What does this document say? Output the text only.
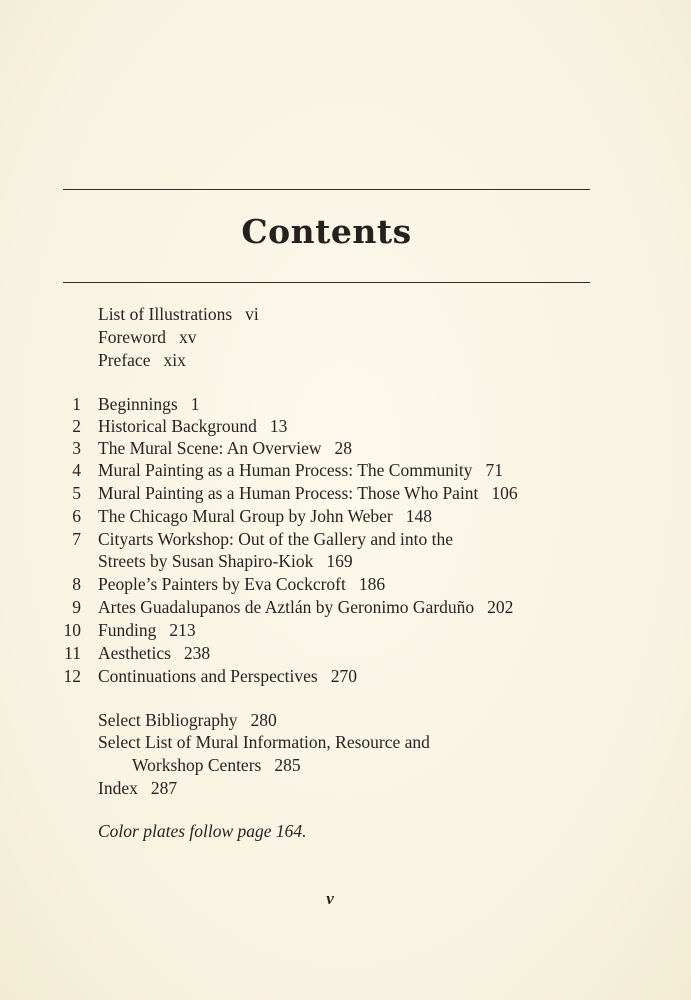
Contents
List of Illustrations vi
Foreword xv
Preface xix
1 Beginnings 1
2 Historical Background 13
3 The Mural Scene: An Overview 28
4 Mural Painting as a Human Process: The Community 71
5 Mural Painting as a Human Process: Those Who Paint 106
6 The Chicago Mural Group by John Weber 148
7 Cityarts Workshop: Out of the Gallery and into the
Streets by Susan Shapiro-Kiok 169
8 People’s Painters by Eva Cockcroft 186
9 Artes Guadalupanos de Aztlán by Geronimo Garduño 202
10 Funding 213
11 Aesthetics 238
12 Continuations and Perspectives 270
Select Bibliography 280
Select List of Mural Information, Resource and
Workshop Centers 285
Index 287
Color plates follow page 164.
v
